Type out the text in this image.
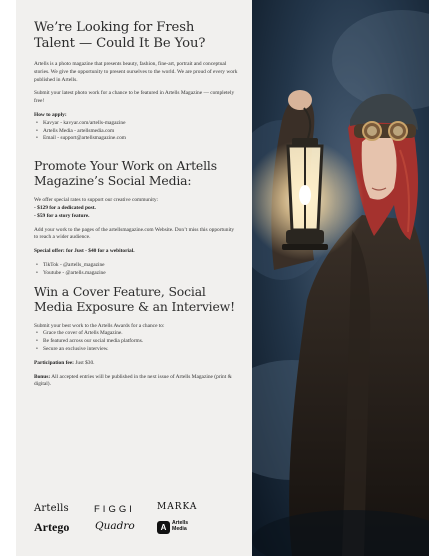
We’re Looking for Fresh Talent — Could It Be You?

Artells is a photo magazine that presents beauty, fashion, fine-art, portrait and conceptual stories. We give the opportunity to present ourselves to the world. We are proud of every work published in Artells.

Submit your latest photo work for a chance to be featured in Artells Magazine — completely free!

How to apply:

• Kavyar - kavyar.com/artells-magazine
• Artells Media - artellsmedia.com
• Email - support@artellsmagazine.com
Promote Your Work on Artells Magazine’s Social Media:

We offer special rates to support our creative community:

- $129 for a dedicated post.

- $59 for a story feature.

Add your work to the pages of the artellsmagazine.com Website. Don’t miss this opportunity to reach a wider audience.

Special offer: for Just - $40 for a webitorial.

• TikTok - @artells_magazine
• Youtube - @artells.magazine
Win a Cover Feature, Social Media Exposure & an Interview!

Submit your best work to the Artells Awards for a chance to:

• Grace the cover of Artells Magazine.
• Be featured across our social media platforms.
• Secure an exclusive interview.

Participation fee: Just $30.

Bonus: All accepted entries will be published in the next issue of Artells Magazine (print & digital).

Artells	FIGGI MARKA
Artego Quadro	A	Artells
Media
